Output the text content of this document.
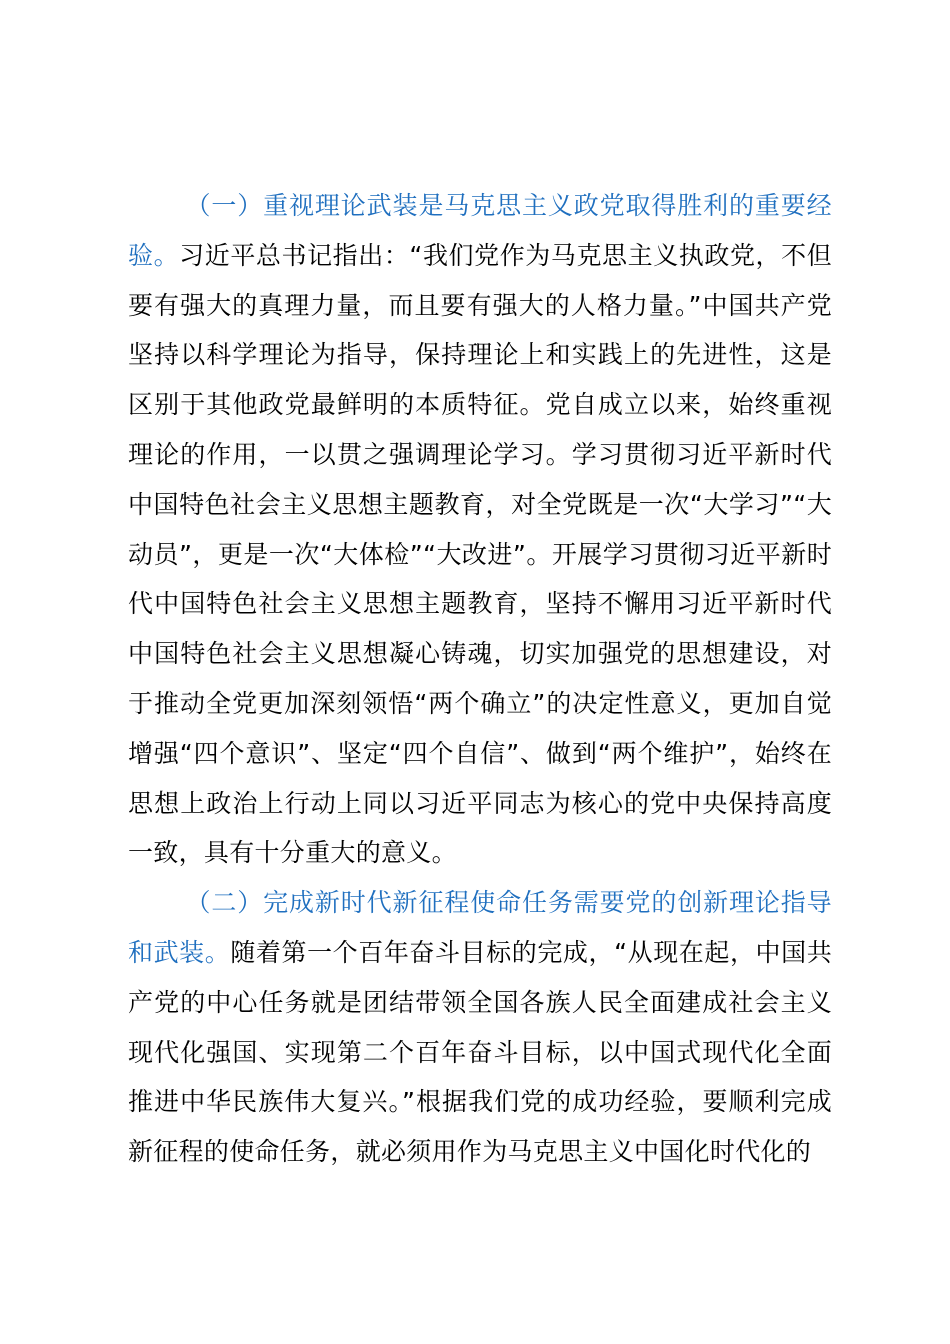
（一）重视理论武装是马克思主义政党取得胜利的重要经验。习近平总书记指出：“我们党作为马克思主义执政党，不但要有强大的真理力量，而且要有强大的人格力量。”中国共产党坚持以科学理论为指导，保持理论上和实践上的先进性，这是区别于其他政党最鲜明的本质特征。党自成立以来，始终重视理论的作用，一以贯之强调理论学习。学习贯彻习近平新时代中国特色社会主义思想主题教育，对全党既是一次“大学习”“大动员”，更是一次“大体检”“大改进”。开展学习贯彻习近平新时代中国特色社会主义思想主题教育，坚持不懈用习近平新时代中国特色社会主义思想凝心铸魂，切实加强党的思想建设，对于推动全党更加深刻领悟“两个确立”的决定性意义，更加自觉增强“四个意识”、坚定“四个自信”、做到“两个维护”，始终在思想上政治上行动上同以习近平同志为核心的党中央保持高度一致，具有十分重大的意义。

（二）完成新时代新征程使命任务需要党的创新理论指导和武装。随着第一个百年奋斗目标的完成，“从现在起，中国共产党的中心任务就是团结带领全国各族人民全面建成社会主义现代化强国、实现第二个百年奋斗目标，以中国式现代化全面推进中华民族伟大复兴。”根据我们党的成功经验，要顺利完成新征程的使命任务，就必须用作为马克思主义中国化时代化的
